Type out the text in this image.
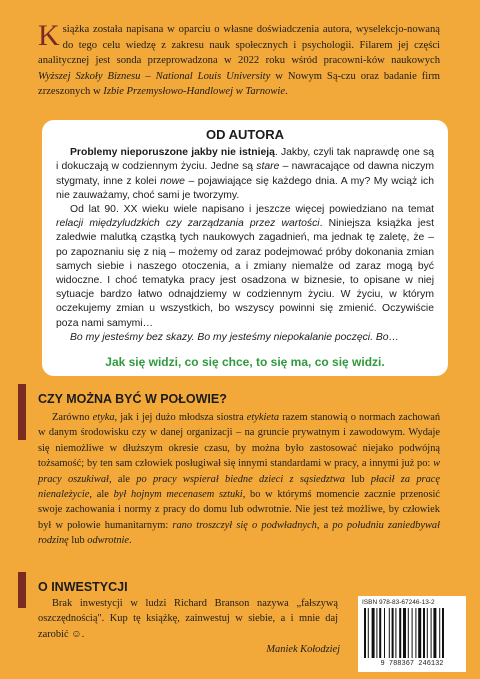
Książka została napisana w oparciu o własne doświadczenia autora, wyselekcjo-nowaną do tego celu wiedzę z zakresu nauk społecznych i psychologii. Filarem jej części analitycznej jest sonda przeprowadzona w 2022 roku wśród pracowni-ków naukowych Wyższej Szkoły Biznesu – National Louis University w Nowym Są-czu oraz badanie firm zrzeszonych w Izbie Przemysłowo-Handlowej w Tarnowie.
OD AUTORA

Problemy nieporuszone jakby nie istnieją. Jakby, czyli tak naprawdę one są i dokuczają w codziennym życiu. Jedne są stare – nawracające od dawna niczym stygmaty, inne z kolei nowe – pojawiające się każdego dnia. A my? My wciąż ich nie zauważamy, choć sami je tworzymy.

Od lat 90. XX wieku wiele napisano i jeszcze więcej powiedziano na temat relacji międzyludzkich czy zarządzania przez wartości. Niniejsza książka jest zaledwie malutką cząstką tych naukowych zagadnień, ma jednak tę zaletę, że – po zapoznaniu się z nią – możemy od zaraz podejmować próby dokonania zmian samych siebie i naszego otoczenia, a i zmiany niemalże od zaraz mogą być widoczne. I choć tematyka pracy jest osadzona w biznesie, to opisane w niej sytuacje bardzo łatwo odnajdziemy w codziennym życiu. W życiu, w którym oczekujemy zmian u wszystkich, bo wszyscy powinni się zmienić. Oczywiście poza nami samymi…

Bo my jesteśmy bez skazy. Bo my jesteśmy niepokalanie poczęci. Bo…

Jak się widzi, co się chce, to się ma, co się widzi.

CZY MOŻNA BYĆ W POŁOWIE?

Zarówno etyka, jak i jej dużo młodsza siostra etykieta razem stanowią o normach zachowań w danym środowisku czy w danej organizacji – na gruncie prywatnym i zawodowym. Wydaje się niemożliwe w dłuższym okresie czasu, by można było zastosować niejako podwójną tożsamość; by ten sam człowiek posługiwał się innymi standardami w pracy, a innymi już po: w pracy oszukiwał, ale po pracy wspierał biedne dzieci z sąsiedztwa lub płacił za pracę nienależycie, ale był hojnym mecenasem sztuki, bo w którymś momencie zacznie przenosić swoje zachowania i normy z pracy do domu lub odwrotnie. Nie jest też możliwe, by człowiek był w połowie humanitarnym: rano troszczył się o podwładnych, a po południu zaniedbywał rodzinę lub odwrotnie.

O INWESTYCJI

Brak inwestycji w ludzi Richard Branson nazywa „fałszywą oszczędnością". Kup tę książkę, zainwestuj w siebie, a i mnie daj zarobić ☺.

Maniek Kołodziej
ISBN 978-83-67246-13-2
9 788367 246132
